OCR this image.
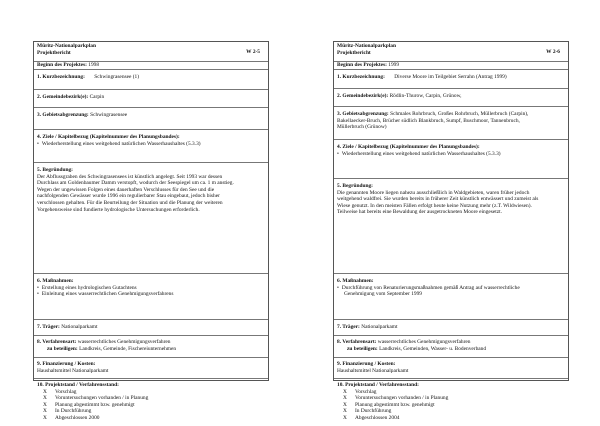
Müritz-Nationalparkplan
Projektbericht	W 2-5
Beginn des Projektes: 1998
1. Kurzbezeichnung: Schwingrasensee (1)
2. Gemeindebezirk(e): Carpin
3. Gebietsabgrenzung: Schwingrasensee
4. Ziele / Kapitelbezug (Kapitelnummer des Planungsbandes):
• Wiederherstellung eines weitgehend natürlichen Wasserhaushaltes (5.3.3)
5. Begründung:
Der Abflussgraben des Schwingrasensees ist künstlich angelegt. Seit 1993 war dessen
Durchlass am Goldenbaumer Damm verstopft, wodurch der Seespiegel um ca. 1 m anstieg.
Wegen der ungewissen Folgen eines dauerhaften Verschlusses für den See und die
nachfolgenden Gewässer wurde 1996 ein regulierbarer Stau eingebaut, jedoch bisher
verschlossen gehalten. Für die Beurteilung der Situation und die Planung der weiteren
Vorgehensweise sind fundierte hydrologische Untersuchungen erforderlich.
6. Maßnahmen:
• Erstellung eines hydrologischen Gutachtens
• Einleitung eines wasserrechtlichen Genehmigungsverfahrens
7. Träger: Nationalparkamt
8. Verfahrensart: wasserrechtliches Genehmigungsverfahren
zu beteiligen: Landkreis, Gemeinde, Fischereiunternehmen
9. Finanzierung / Kosten:
Haushaltsmittel Nationalparkamt
10. Projektstand / Verfahrensstand:
X Vorschlag
X Voruntersuchungen vorhanden / in Planung
X Planung abgestimmt bzw. genehmigt
X In Durchführung
X Abgeschlossen 2000
Müritz-Nationalparkplan
Projektbericht	W 2-6
Beginn des Projektes: 1999
1. Kurzbezeichnung: Diverse Moore im Teilgebiet Serrahn (Antrag 1999)
2. Gemeindebezirk(e): Rödlin-Thurow, Carpin, Grünow,
3. Gebietsabgrenzung: Schmales Rohrbruch, Großes Rohrbruch, Müllerbruch (Carpin),
Bakellaecker-Bruch, Brücher südlich Blankbruch, Sumpf, Buschmoor, Tannenbruch,
Müllerbruch (Grünow)
4. Ziele / Kapitelbezug (Kapitelnummer des Planungsbandes):
• Wiederherstellung eines weitgehend natürlichen Wasserhaushaltes (5.3.3)
5. Begründung:
Die genannten Moore liegen nahezu ausschließlich in Waldgebieten, waren früher jedoch
weitgehend waldfrei. Sie wurden bereits in früherer Zeit künstlich entwässert und zumeist als
Wiese genutzt. In den meisten Fällen erfolgt heute keine Nutzung mehr (z.T. Wildwiesen).
Teilweise hat bereits eine Bewaldung der ausgetrockneten Moore eingesetzt.
6. Maßnahmen:
• Durchführung von Renaturierungsmaßnahmen gemäß Antrag auf wasserrechtliche
Genehmigung vom September 1999
7. Träger: Nationalparkamt
8. Verfahrensart: wasserrechtliches Genehmigungsverfahren
zu beteiligen: Landkreis, Gemeinden, Wasser- u. Bodenverband
9. Finanzierung / Kosten:
Haushaltsmittel Nationalparkamt
10. Projektstand / Verfahrensstand:
X Vorschlag
X Voruntersuchungen vorhanden / in Planung
X Planung abgestimmt bzw. genehmigt
X In Durchführung
X Abgeschlossen 2004
